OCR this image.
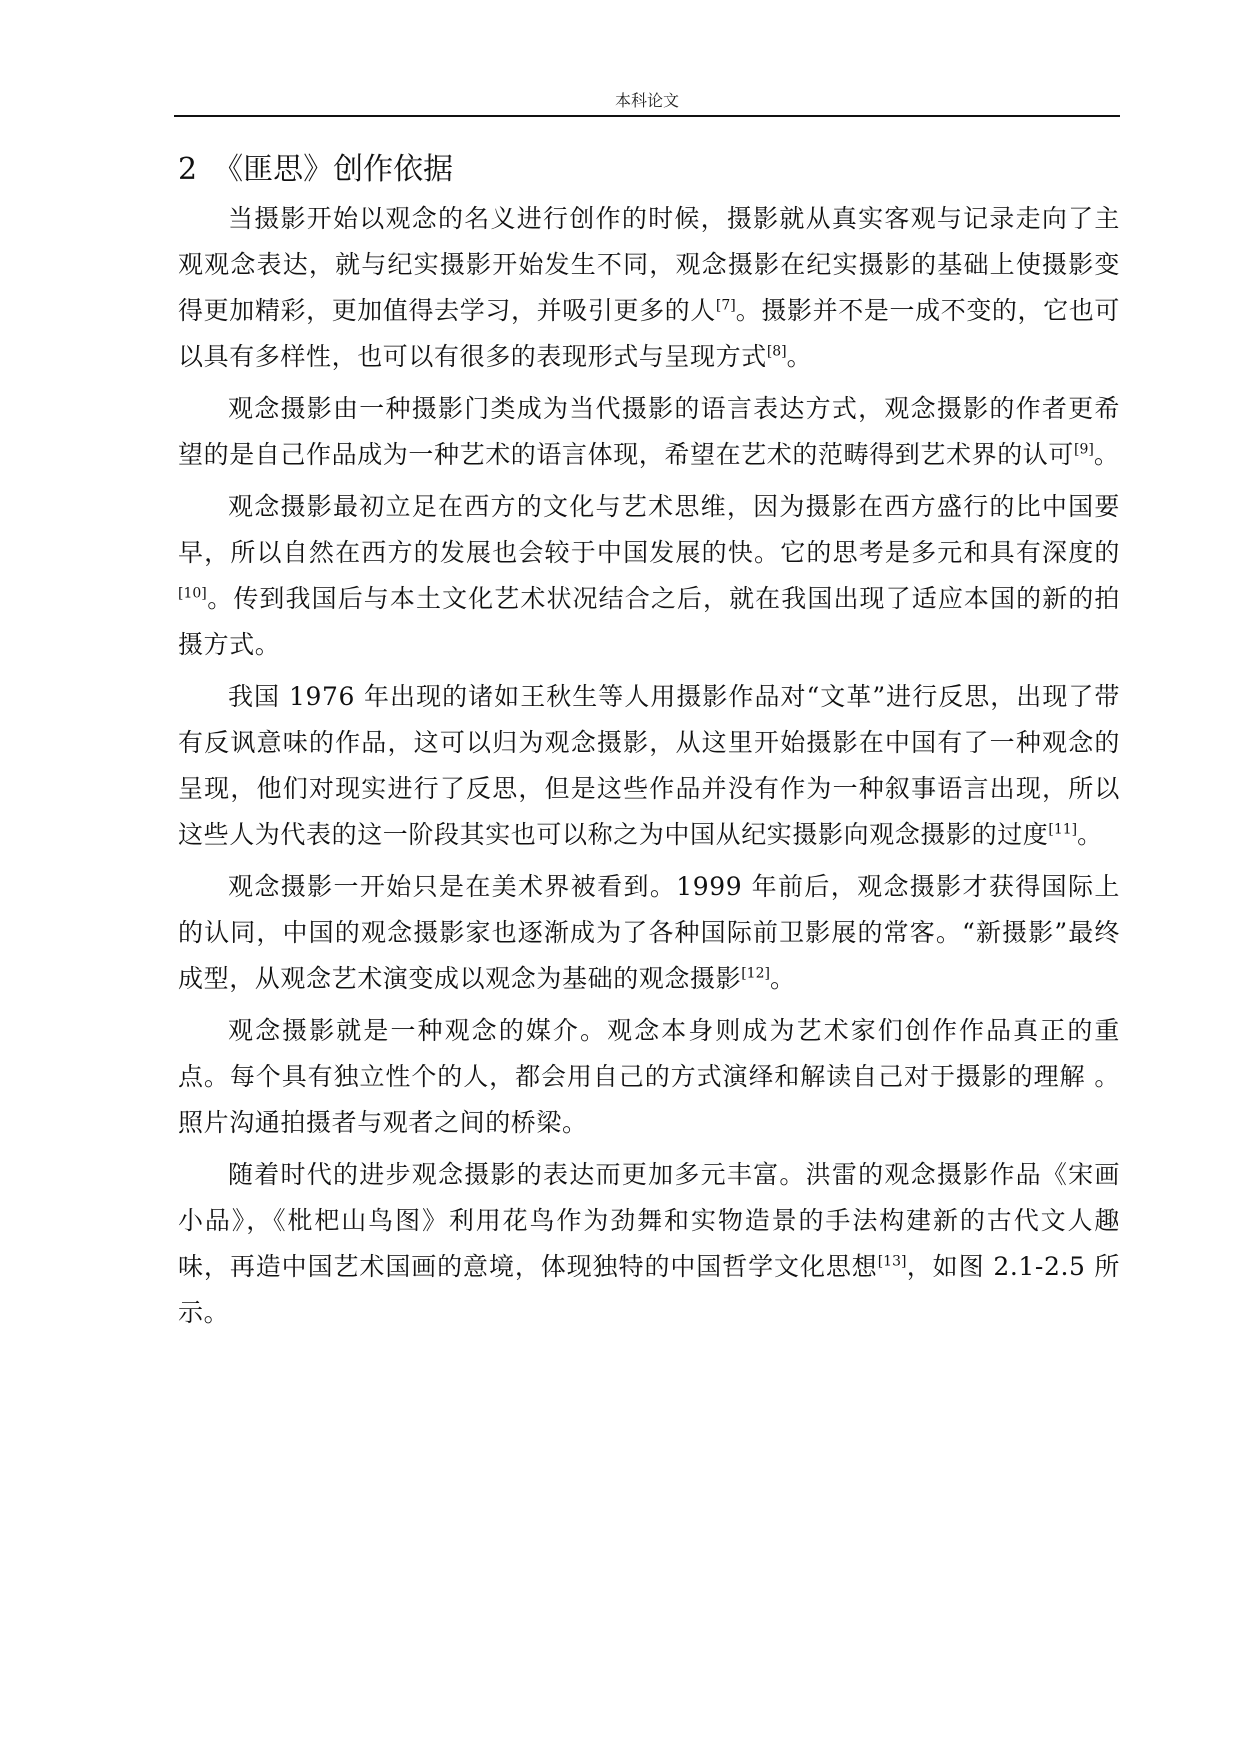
本科论文
2 《匪思》创作依据

当摄影开始以观念的名义进行创作的时候，摄影就从真实客观与记录走向了主观观念表达，就与纪实摄影开始发生不同，观念摄影在纪实摄影的基础上使摄影变得更加精彩，更加值得去学习，并吸引更多的人[7]。摄影并不是一成不变的，它也可以具有多样性，也可以有很多的表现形式与呈现方式[8]。

观念摄影由一种摄影门类成为当代摄影的语言表达方式，观念摄影的作者更希望的是自己作品成为一种艺术的语言体现，希望在艺术的范畴得到艺术界的认可[9]。

观念摄影最初立足在西方的文化与艺术思维，因为摄影在西方盛行的比中国要早，所以自然在西方的发展也会较于中国发展的快。它的思考是多元和具有深度的[10]。传到我国后与本土文化艺术状况结合之后，就在我国出现了适应本国的新的拍摄方式。

我国 1976 年出现的诸如王秋生等人用摄影作品对“文革”进行反思，出现了带有反讽意味的作品，这可以归为观念摄影，从这里开始摄影在中国有了一种观念的呈现，他们对现实进行了反思，但是这些作品并没有作为一种叙事语言出现，所以这些人为代表的这一阶段其实也可以称之为中国从纪实摄影向观念摄影的过度[11]。

观念摄影一开始只是在美术界被看到。1999 年前后，观念摄影才获得国际上的认同，中国的观念摄影家也逐渐成为了各种国际前卫影展的常客。“新摄影”最终成型，从观念艺术演变成以观念为基础的观念摄影[12]。

观念摄影就是一种观念的媒介。观念本身则成为艺术家们创作作品真正的重点。每个具有独立性个的人，都会用自己的方式演绎和解读自己对于摄影的理解 。照片沟通拍摄者与观者之间的桥梁。

随着时代的进步观念摄影的表达而更加多元丰富。洪雷的观念摄影作品《宋画小品》，《枇杷山鸟图》利用花鸟作为劲舞和实物造景的手法构建新的古代文人趣味，再造中国艺术国画的意境，体现独特的中国哲学文化思想[13]，如图 2.1-2.5 所示。
